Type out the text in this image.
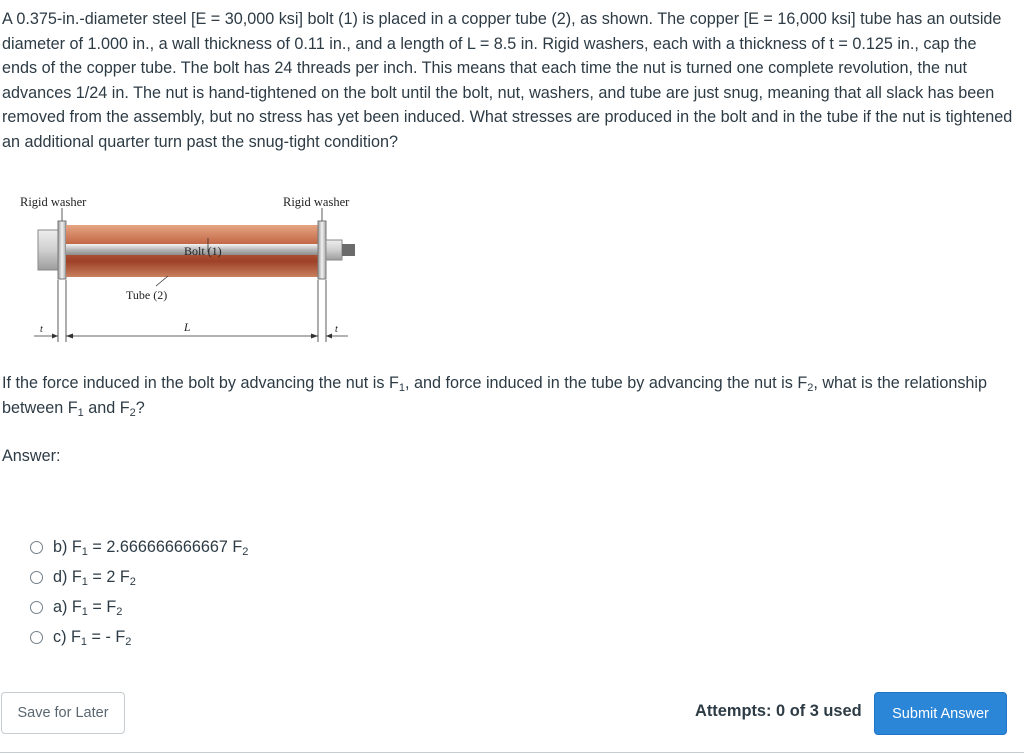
A 0.375-in.-diameter steel [E = 30,000 ksi] bolt (1) is placed in a copper tube (2), as shown. The copper [E = 16,000 ksi] tube has an outside diameter of 1.000 in., a wall thickness of 0.11 in., and a length of L = 8.5 in. Rigid washers, each with a thickness of t = 0.125 in., cap the ends of the copper tube. The bolt has 24 threads per inch. This means that each time the nut is turned one complete revolution, the nut advances 1/24 in. The nut is hand-tightened on the bolt until the bolt, nut, washers, and tube are just snug, meaning that all slack has been removed from the assembly, but no stress has yet been induced. What stresses are produced in the bolt and in the tube if the nut is tightened an additional quarter turn past the snug-tight condition?

Rigid washer	Rigid washer
Bolt (1)
Tube (2)
L
t	t

If the force induced in the bolt by advancing the nut is $F_1$, and force induced in the tube by advancing the nut is $F_2$, what is the relationship between $F_1$ and $F_2$?

Answer:

b) $F_1 = 2.666666666667$ $F_2$
d) $F_1 = 2$ $F_2$
a) $F_1 = F_2$
c) $F_1$ = - $F_2$
Save for Later	Attempts: 0 of 3 used	Submit Answer
